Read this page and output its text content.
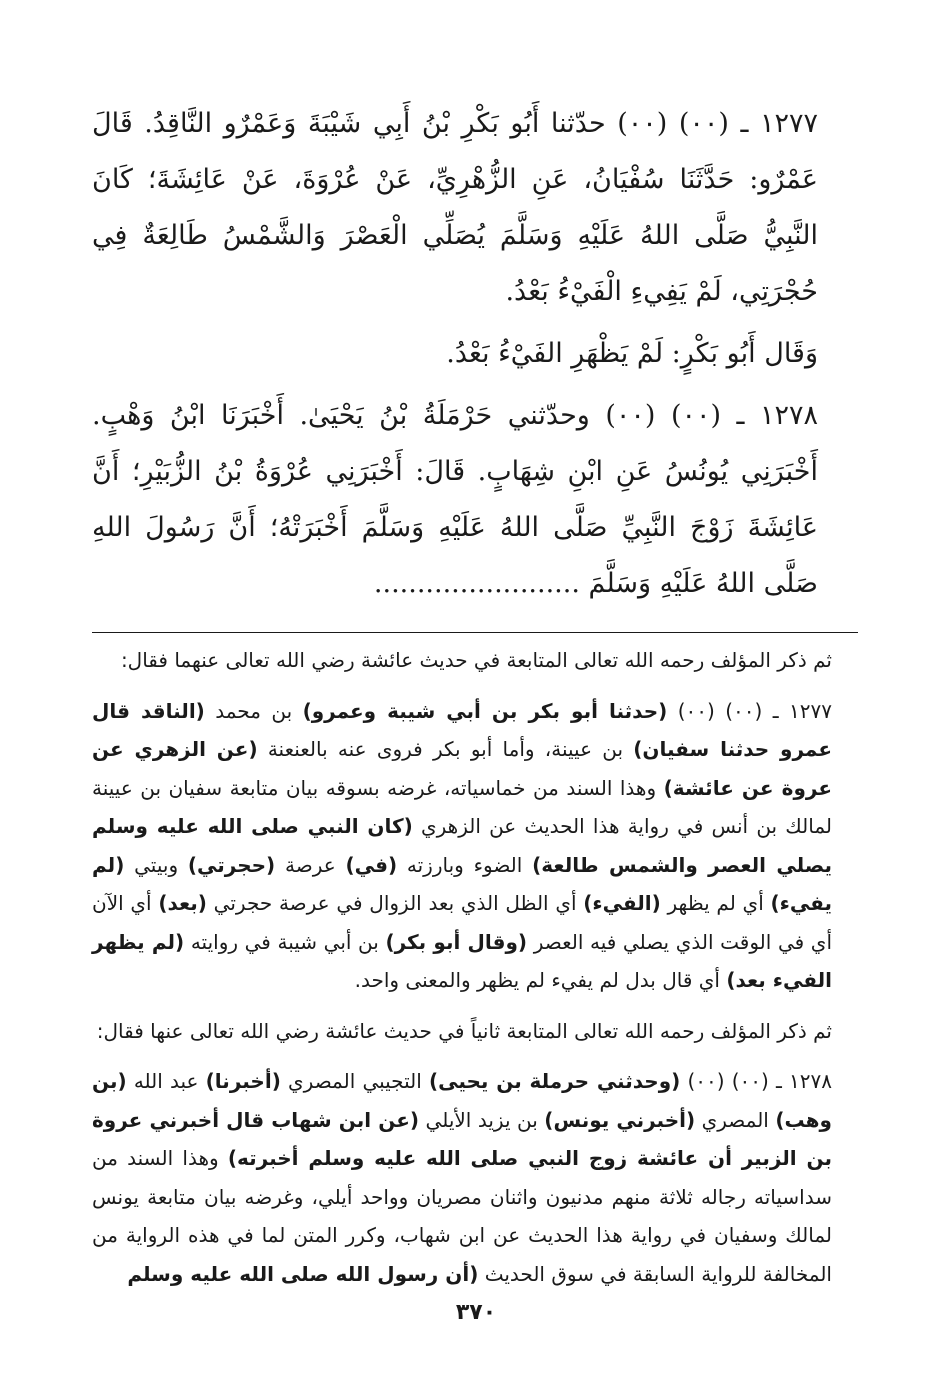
١٢٧٧ ـ (٠٠) (٠٠) حدّثنا أَبُو بَكْرِ بْنُ أَبِي شَيْبَةَ وَعَمْرٌو النَّاقِدُ. قَالَ عَمْرٌو: حَدَّثَنَا سُفْيَانُ، عَنِ الزُّهْرِيِّ، عَنْ عُرْوَةَ، عَنْ عَائِشَةَ؛ كَانَ النَّبِيُّ صَلَّى اللهُ عَلَيْهِ وَسَلَّمَ يُصَلِّي الْعَصْرَ وَالشَّمْسُ طَالِعَةٌ فِي حُجْرَتِي، لَمْ يَفِيءِ الْفَيْءُ بَعْدُ.

وَقَال أَبُو بَكْرٍ: لَمْ يَظْهَرِ الفَيْءُ بَعْدُ.

١٢٧٨ ـ (٠٠) (٠٠) وحدّثني حَرْمَلَةُ بْنُ يَحْيَىٰ. أَخْبَرَنَا ابْنُ وَهْبٍ. أَخْبَرَنِي يُونُسُ عَنِ ابْنِ شِهَابٍ. قَالَ: أَخْبَرَنِي عُرْوَةُ بْنُ الزُّبَيْرِ؛ أَنَّ عَائِشَةَ زَوْجَ النَّبِيِّ صَلَّى اللهُ عَلَيْهِ وَسَلَّمَ أَخْبَرَتْهُ؛ أَنَّ رَسُولَ اللهِ صَلَّى اللهُ عَلَيْهِ وَسَلَّمَ ........................

ثم ذكر المؤلف رحمه الله تعالى المتابعة في حديث عائشة رضي الله تعالى عنهما فقال:

١٢٧٧ ـ (٠٠) (٠٠) (حدثنا أبو بكر بن أبي شيبة وعمرو) بن محمد (الناقد قال عمرو حدثنا سفيان) بن عيينة، وأما أبو بكر فروى عنه بالعنعنة (عن الزهري عن عروة عن عائشة) وهذا السند من خماسياته، غرضه بسوقه بيان متابعة سفيان بن عيينة لمالك بن أنس في رواية هذا الحديث عن الزهري (كان النبي صلى الله عليه وسلم يصلي العصر والشمس طالعة) الضوء وبارزته (في) عرصة (حجرتي) وبيتي (لم يفيء) أي لم يظهر (الفيء) أي الظل الذي بعد الزوال في عرصة حجرتي (بعد) أي الآن أي في الوقت الذي يصلي فيه العصر (وقال أبو بكر) بن أبي شيبة في روايته (لم يظهر الفيء بعد) أي قال بدل لم يفيء لم يظهر والمعنى واحد.

ثم ذكر المؤلف رحمه الله تعالى المتابعة ثانياً في حديث عائشة رضي الله تعالى عنها فقال:

١٢٧٨ ـ (٠٠) (٠٠) (وحدثني حرملة بن يحيى) التجيبي المصري (أخبرنا) عبد الله (بن وهب) المصري (أخبرني يونس) بن يزيد الأيلي (عن ابن شهاب قال أخبرني عروة بن الزبير أن عائشة زوج النبي صلى الله عليه وسلم أخبرته) وهذا السند من سداسياته رجاله ثلاثة منهم مدنيون واثنان مصريان وواحد أيلي، وغرضه بيان متابعة يونس لمالك وسفيان في رواية هذا الحديث عن ابن شهاب، وكرر المتن لما في هذه الرواية من المخالفة للرواية السابقة في سوق الحديث (أن رسول الله صلى الله عليه وسلم

٣٧٠
